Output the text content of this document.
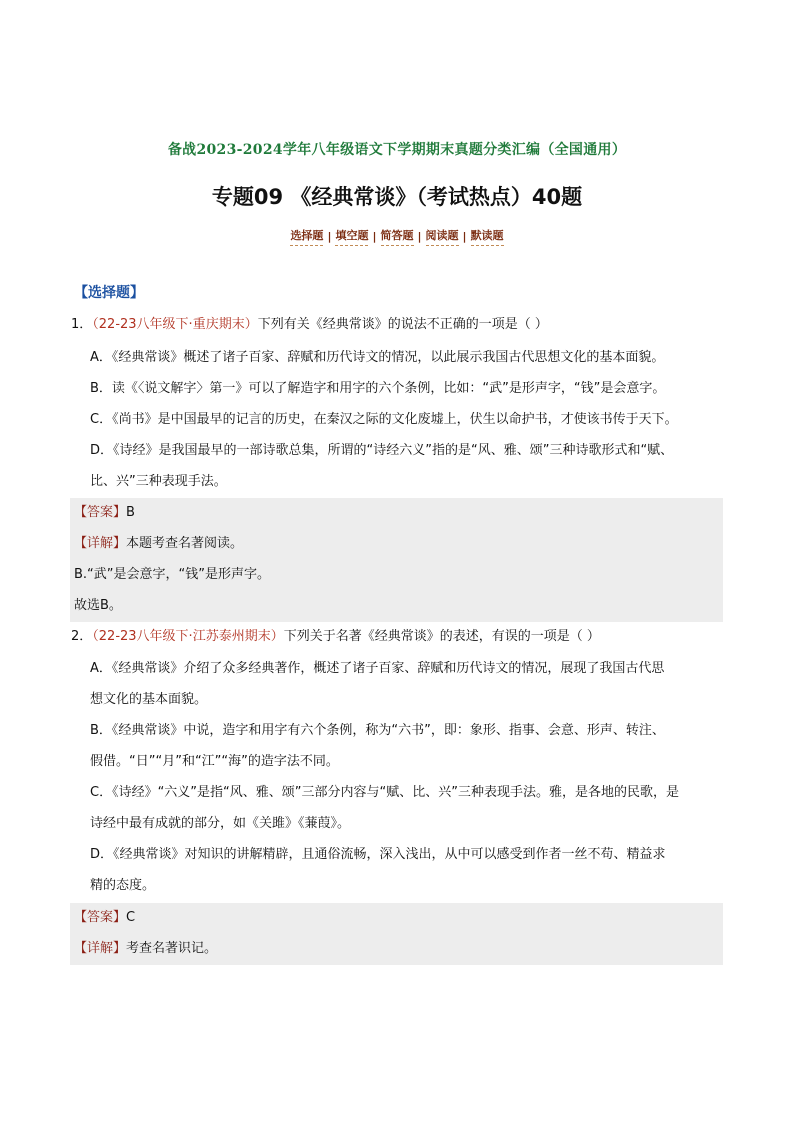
备战2023-2024学年八年级语文下学期期末真题分类汇编（全国通用）
专题09 《经典常谈》（考试热点）40题
选择题 | 填空题 | 简答题 | 阅读题 | 默读题
【选择题】
1．（22-23八年级下·重庆期末）下列有关《经典常谈》的说法不正确的一项是（ ）
A．《经典常谈》概述了诸子百家、辞赋和历代诗文的情况，以此展示我国古代思想文化的基本面貌。
B．读《〈说文解字〉第一》可以了解造字和用字的六个条例，比如：“武”是形声字，“钱”是会意字。
C．《尚书》是中国最早的记言的历史，在秦汉之际的文化废墟上，伏生以命护书，才使该书传于天下。
D．《诗经》是我国最早的一部诗歌总集，所谓的“诗经六义”指的是“风、雅、颂”三种诗歌形式和“赋、
比、兴”三种表现手法。
【答案】B
【详解】本题考查名著阅读。
B.“武”是会意字，“钱”是形声字。
故选B。
2．（22-23八年级下·江苏泰州期末）下列关于名著《经典常谈》的表述，有误的一项是（ ）
A．《经典常谈》介绍了众多经典著作，概述了诸子百家、辞赋和历代诗文的情况，展现了我国古代思
想文化的基本面貌。
B．《经典常谈》中说，造字和用字有六个条例，称为“六书”，即：象形、指事、会意、形声、转注、
假借。“日”“月”和“江”“海”的造字法不同。
C．《诗经》“六义”是指“风、雅、颂”三部分内容与“赋、比、兴”三种表现手法。雅，是各地的民歌，是
诗经中最有成就的部分，如《关雎》《蒹葭》。
D．《经典常谈》对知识的讲解精辟，且通俗流畅，深入浅出，从中可以感受到作者一丝不苟、精益求
精的态度。
【答案】C
【详解】考查名著识记。
